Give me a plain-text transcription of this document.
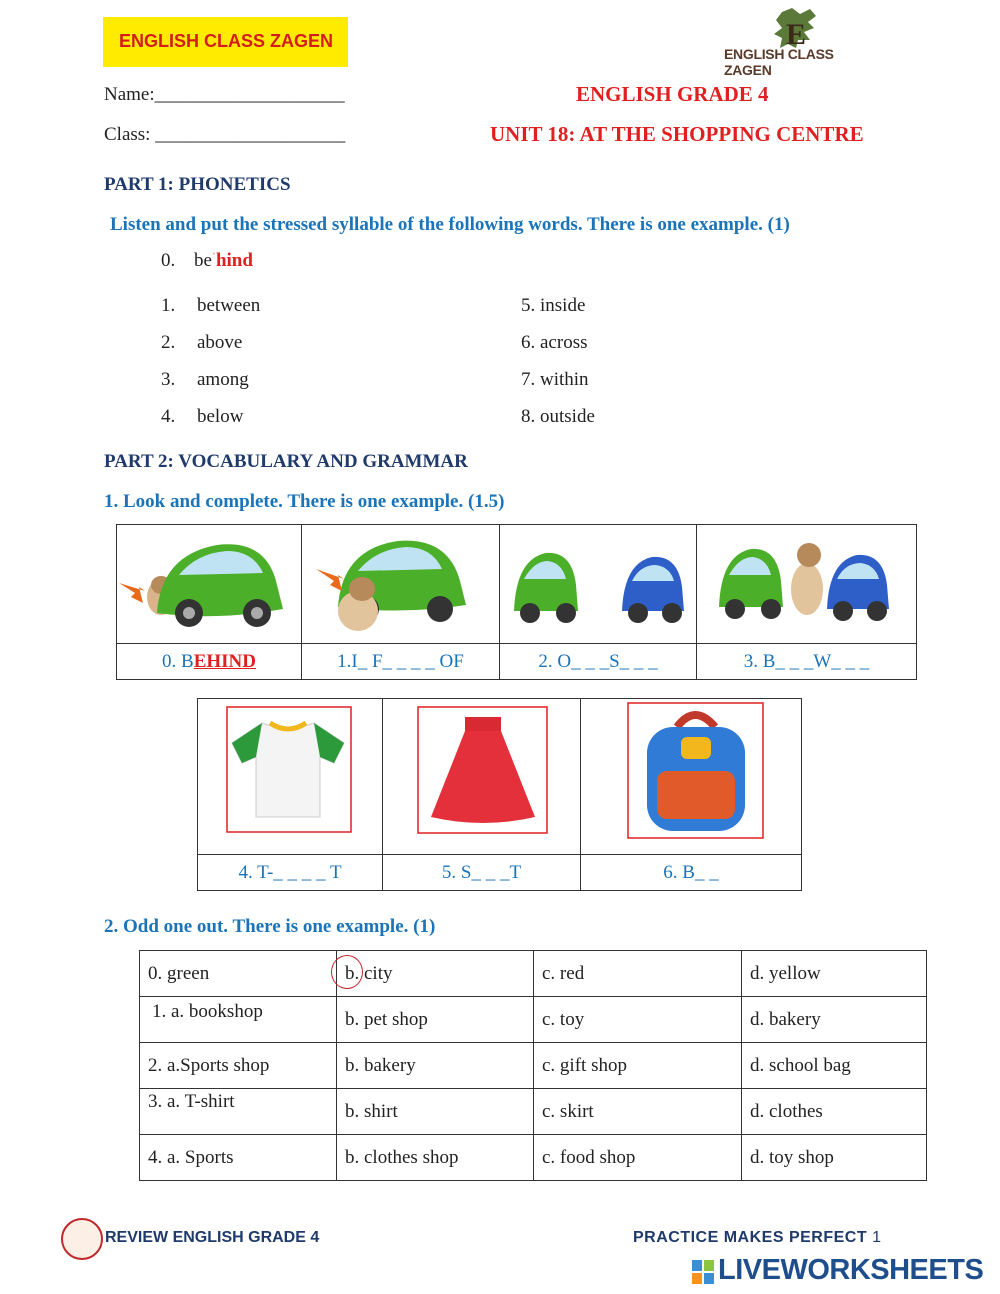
ENGLISH CLASS ZAGEN	E
ENGLISH CLASS ZAGEN
Name:____________________
Class: ____________________
ENGLISH GRADE 4
UNIT 18: AT THE SHOPPING CENTRE
PART 1: PHONETICS
Listen and put the stressed syllable of the following words. There is one example. (1)
0. $be^ˈhind$
1. between
2. above
3. among
4. below
5. inside
6. across
7. within
8. outside
PART 2: VOCABULARY AND GRAMMAR
1. Look and complete. There is one example. (1.5)

0. BEHIND	1.I_ F_ _ _ _ OF	2. O_ _ _S_ _ _	3. B_ _ _W_ _ _

4. T-_ _ _ _ T	5. S_ _ _T	6. B_ _
2. Odd one out. There is one example. (1)
0. green	b. city	c. red	d. yellow
1. a. bookshop	b. pet shop	c. toy	d. bakery
2. a.Sports shop	b. bakery	c. gift shop	d. school bag
3. a. T-shirt	b. shirt	c. skirt	d. clothes
4. a. Sports	b. clothes shop	c. food shop	d. toy shop
REVIEW ENGLISH GRADE 4	PRACTICE MAKES PERFECT 1
LIVEWORKSHEETS
